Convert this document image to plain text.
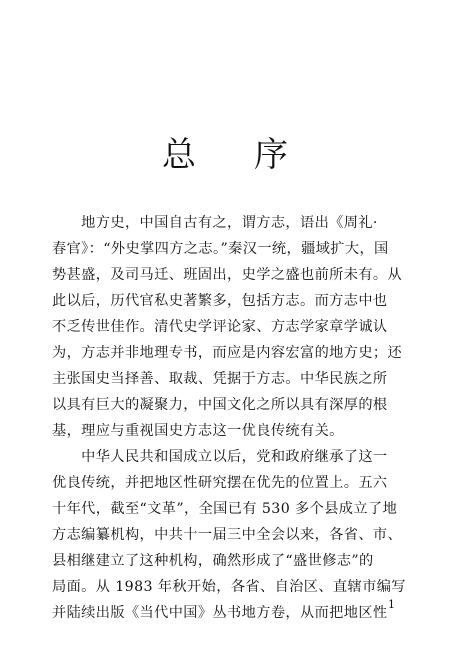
总 序
　　地方史，中国自古有之，谓方志，语出《周礼·
春官》：“外史掌四方之志。”秦汉一统，疆域扩大，国
势甚盛，及司马迁、班固出，史学之盛也前所未有。从
此以后，历代官私史著繁多，包括方志。而方志中也
不乏传世佳作。清代史学评论家、方志学家章学诚认
为，方志并非地理专书，而应是内容宏富的地方史；还
主张国史当择善、取裁、凭据于方志。中华民族之所
以具有巨大的凝聚力，中国文化之所以具有深厚的根
基，理应与重视国史方志这一优良传统有关。
　　中华人民共和国成立以后，党和政府继承了这一
优良传统，并把地区性研究摆在优先的位置上。五六
十年代，截至“文革”，全国已有 530 多个县成立了地
方志编纂机构，中共十一届三中全会以来，各省、市、
县相继建立了这种机构，确然形成了“盛世修志”的
局面。从 1983 年秋开始，各省、自治区、直辖市编写
并陆续出版《当代中国》丛书地方卷，从而把地区性
1
